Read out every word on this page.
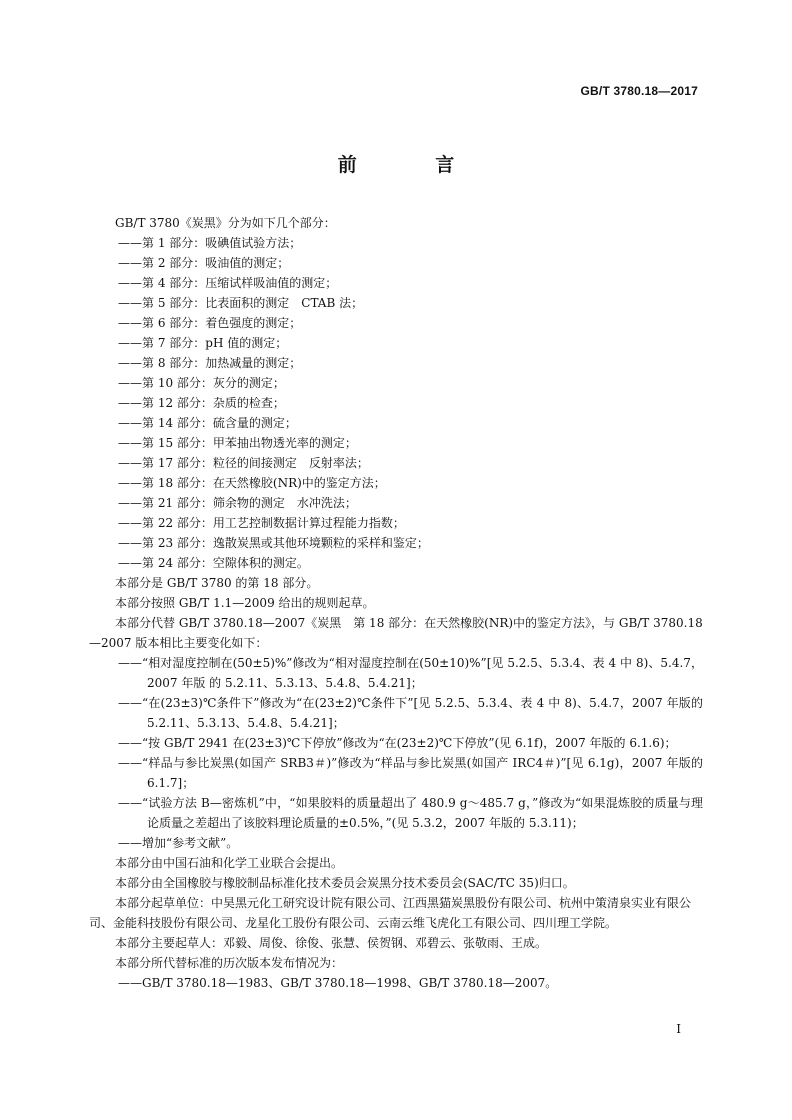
GB/T 3780.18—2017
前 言
GB/T 3780《炭黑》分为如下几个部分：
——第 1 部分：吸碘值试验方法；
——第 2 部分：吸油值的测定；
——第 4 部分：压缩试样吸油值的测定；
——第 5 部分：比表面积的测定　CTAB 法；
——第 6 部分：着色强度的测定；
——第 7 部分：pH 值的测定；
——第 8 部分：加热减量的测定；
——第 10 部分：灰分的测定；
——第 12 部分：杂质的检查；
——第 14 部分：硫含量的测定；
——第 15 部分：甲苯抽出物透光率的测定；
——第 17 部分：粒径的间接测定　反射率法；
——第 18 部分：在天然橡胶(NR)中的鉴定方法；
——第 21 部分：筛余物的测定　水冲洗法；
——第 22 部分：用工艺控制数据计算过程能力指数；
——第 23 部分：逸散炭黑或其他环境颗粒的采样和鉴定；
——第 24 部分：空隙体积的测定。
本部分是 GB/T 3780 的第 18 部分。
本部分按照 GB/T 1.1—2009 给出的规则起草。
本部分代替 GB/T 3780.18—2007《炭黑　第 18 部分：在天然橡胶(NR)中的鉴定方法》，与 GB/T 3780.18—2007 版本相比主要变化如下：
——“相对湿度控制在(50±5)%”修改为“相对湿度控制在(50±10)%”[见 5.2.5、5.3.4、表 4 中 8)、5.4.7，2007 年版 的 5.2.11、5.3.13、5.4.8、5.4.21]；
——“在(23±3)℃条件下”修改为“在(23±2)℃条件下”[见 5.2.5、5.3.4、表 4 中 8)、5.4.7，2007 年版的 5.2.11、5.3.13、5.4.8、5.4.21]；
——“按 GB/T 2941 在(23±3)℃下停放”修改为“在(23±2)℃下停放”(见 6.1f)，2007 年版的 6.1.6)；
——“样品与参比炭黑(如国产 SRB3＃)”修改为“样品与参比炭黑(如国产 IRC4＃)”[见 6.1g)，2007 年版的 6.1.7]；
——“试验方法 B—密炼机”中，“如果胶料的质量超出了 480.9 g～485.7 g，”修改为“如果混炼胶的质量与理论质量之差超出了该胶料理论质量的±0.5%，”(见 5.3.2，2007 年版的 5.3.11)；
——增加“参考文献”。
本部分由中国石油和化学工业联合会提出。
本部分由全国橡胶与橡胶制品标准化技术委员会炭黑分技术委员会(SAC/TC 35)归口。
本部分起草单位：中昊黑元化工研究设计院有限公司、江西黑猫炭黑股份有限公司、杭州中策清泉实业有限公司、金能科技股份有限公司、龙星化工股份有限公司、云南云维飞虎化工有限公司、四川理工学院。
本部分主要起草人：邓毅、周俊、徐俊、张慧、侯贺钢、邓碧云、张敬雨、王成。
本部分所代替标准的历次版本发布情况为：
——GB/T 3780.18—1983、GB/T 3780.18—1998、GB/T 3780.18—2007。
I
